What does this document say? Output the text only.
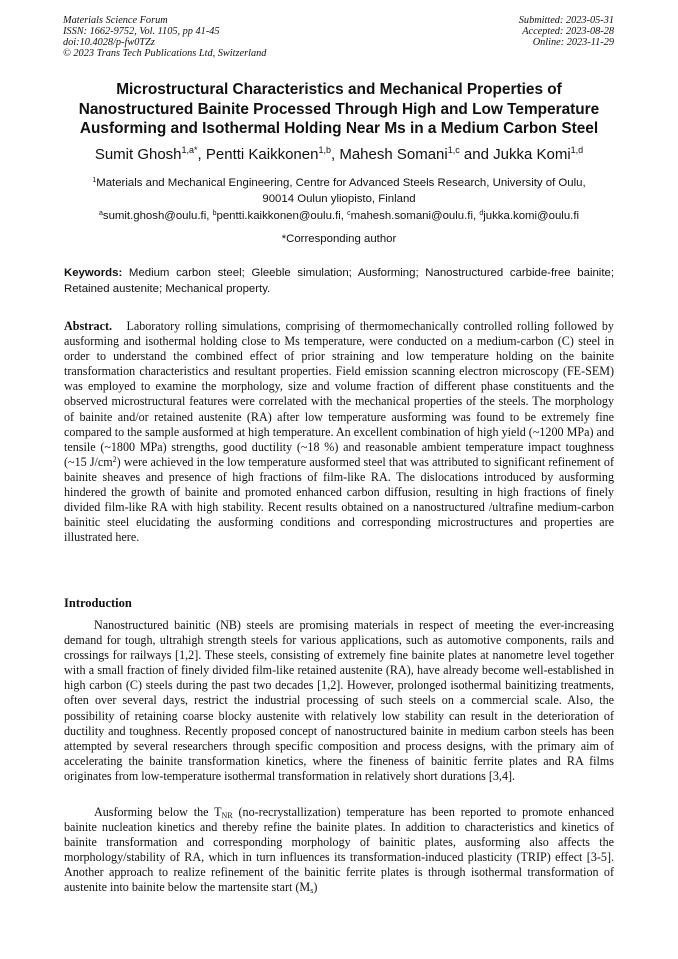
Materials Science Forum
ISSN: 1662-9752, Vol. 1105, pp 41-45
doi:10.4028/p-fw0TZz
© 2023 Trans Tech Publications Ltd, Switzerland
Submitted: 2023-05-31
Accepted: 2023-08-28
Online: 2023-11-29
Microstructural Characteristics and Mechanical Properties of
Nanostructured Bainite Processed Through High and Low Temperature
Ausforming and Isothermal Holding Near Ms in a Medium Carbon Steel
Sumit Ghosh$^{1,a*}$, Pentti Kaikkonen$^{1,b}$, Mahesh Somani$^{1,c}$ and Jukka Komi$^{1,d}$
$^1$Materials and Mechanical Engineering, Centre for Advanced Steels Research, University of Oulu,
90014 Oulun yliopisto, Finland
$^a$sumit.ghosh@oulu.fi, $^b$pentti.kaikkonen@oulu.fi, $^c$mahesh.somani@oulu.fi, $^d$jukka.komi@oulu.fi
*Corresponding author
Keywords: Medium carbon steel; Gleeble simulation; Ausforming; Nanostructured carbide-free bainite; Retained austenite; Mechanical property.
Abstract. Laboratory rolling simulations, comprising of thermomechanically controlled rolling followed by ausforming and isothermal holding close to Ms temperature, were conducted on a medium-carbon (C) steel in order to understand the combined effect of prior straining and low temperature holding on the bainite transformation characteristics and resultant properties. Field emission scanning electron microscopy (FE-SEM) was employed to examine the morphology, size and volume fraction of different phase constituents and the observed microstructural features were correlated with the mechanical properties of the steels. The morphology of bainite and/or retained austenite (RA) after low temperature ausforming was found to be extremely fine compared to the sample ausformed at high temperature. An excellent combination of high yield (~1200 MPa) and tensile (~1800 MPa) strengths, good ductility (~18 %) and reasonable ambient temperature impact toughness (~15 $J/cm^2$) were achieved in the low temperature ausformed steel that was attributed to significant refinement of bainite sheaves and presence of high fractions of film-like RA. The dislocations introduced by ausforming hindered the growth of bainite and promoted enhanced carbon diffusion, resulting in high fractions of finely divided film-like RA with high stability. Recent results obtained on a nanostructured /ultrafine medium-carbon bainitic steel elucidating the ausforming conditions and corresponding microstructures and properties are illustrated here.
Introduction
Nanostructured bainitic (NB) steels are promising materials in respect of meeting the ever-increasing demand for tough, ultrahigh strength steels for various applications, such as automotive components, rails and crossings for railways [1,2]. These steels, consisting of extremely fine bainite plates at nanometre level together with a small fraction of finely divided film-like retained austenite (RA), have already become well-established in high carbon (C) steels during the past two decades [1,2]. However, prolonged isothermal bainitizing treatments, often over several days, restrict the industrial processing of such steels on a commercial scale. Also, the possibility of retaining coarse blocky austenite with relatively low stability can result in the deterioration of ductility and toughness. Recently proposed concept of nanostructured bainite in medium carbon steels has been attempted by several researchers through specific composition and process designs, with the primary aim of accelerating the bainite transformation kinetics, where the fineness of bainitic ferrite plates and RA films originates from low-temperature isothermal transformation in relatively short durations [3,4].
Ausforming below the $T_{NR}$ (no-recrystallization) temperature has been reported to promote enhanced bainite nucleation kinetics and thereby refine the bainite plates. In addition to characteristics and kinetics of bainite transformation and corresponding morphology of bainitic plates, ausforming also affects the morphology/stability of RA, which in turn influences its transformation-induced plasticity (TRIP) effect [3-5]. Another approach to realize refinement of the bainitic ferrite plates is through isothermal transformation of austenite into bainite below the martensite start $(M_s)$
